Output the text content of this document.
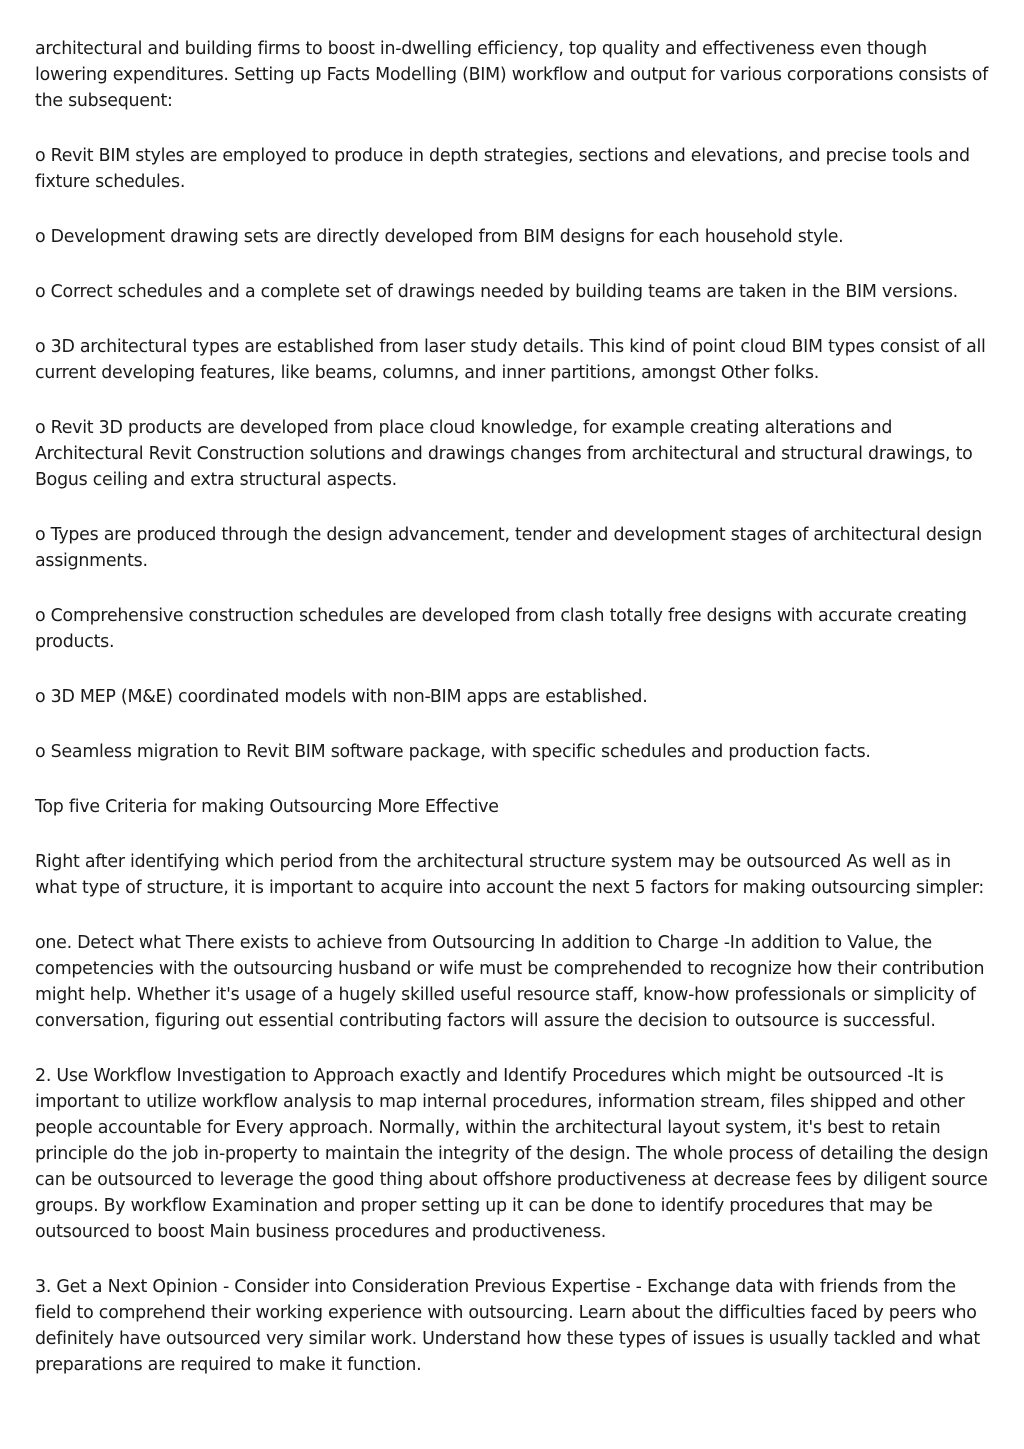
architectural and building firms to boost in-dwelling efficiency, top quality and effectiveness even though lowering expenditures. Setting up Facts Modelling (BIM) workflow and output for various corporations consists of the subsequent:

o Revit BIM styles are employed to produce in depth strategies, sections and elevations, and precise tools and fixture schedules.

o Development drawing sets are directly developed from BIM designs for each household style.

o Correct schedules and a complete set of drawings needed by building teams are taken in the BIM versions.

o 3D architectural types are established from laser study details. This kind of point cloud BIM types consist of all current developing features, like beams, columns, and inner partitions, amongst Other folks.

o Revit 3D products are developed from place cloud knowledge, for example creating alterations and Architectural Revit Construction solutions and drawings changes from architectural and structural drawings, to Bogus ceiling and extra structural aspects.

o Types are produced through the design advancement, tender and development stages of architectural design assignments.

o Comprehensive construction schedules are developed from clash totally free designs with accurate creating products.

o 3D MEP (M&E) coordinated models with non-BIM apps are established.

o Seamless migration to Revit BIM software package, with specific schedules and production facts.

Top five Criteria for making Outsourcing More Effective

Right after identifying which period from the architectural structure system may be outsourced As well as in what type of structure, it is important to acquire into account the next 5 factors for making outsourcing simpler:

one. Detect what There exists to achieve from Outsourcing In addition to Charge -In addition to Value, the competencies with the outsourcing husband or wife must be comprehended to recognize how their contribution might help. Whether it's usage of a hugely skilled useful resource staff, know-how professionals or simplicity of conversation, figuring out essential contributing factors will assure the decision to outsource is successful.

2. Use Workflow Investigation to Approach exactly and Identify Procedures which might be outsourced -It is important to utilize workflow analysis to map internal procedures, information stream, files shipped and other people accountable for Every approach. Normally, within the architectural layout system, it's best to retain principle do the job in-property to maintain the integrity of the design. The whole process of detailing the design can be outsourced to leverage the good thing about offshore productiveness at decrease fees by diligent source groups. By workflow Examination and proper setting up it can be done to identify procedures that may be outsourced to boost Main business procedures and productiveness.

3. Get a Next Opinion - Consider into Consideration Previous Expertise - Exchange data with friends from the field to comprehend their working experience with outsourcing. Learn about the difficulties faced by peers who definitely have outsourced very similar work. Understand how these types of issues is usually tackled and what preparations are required to make it function.
